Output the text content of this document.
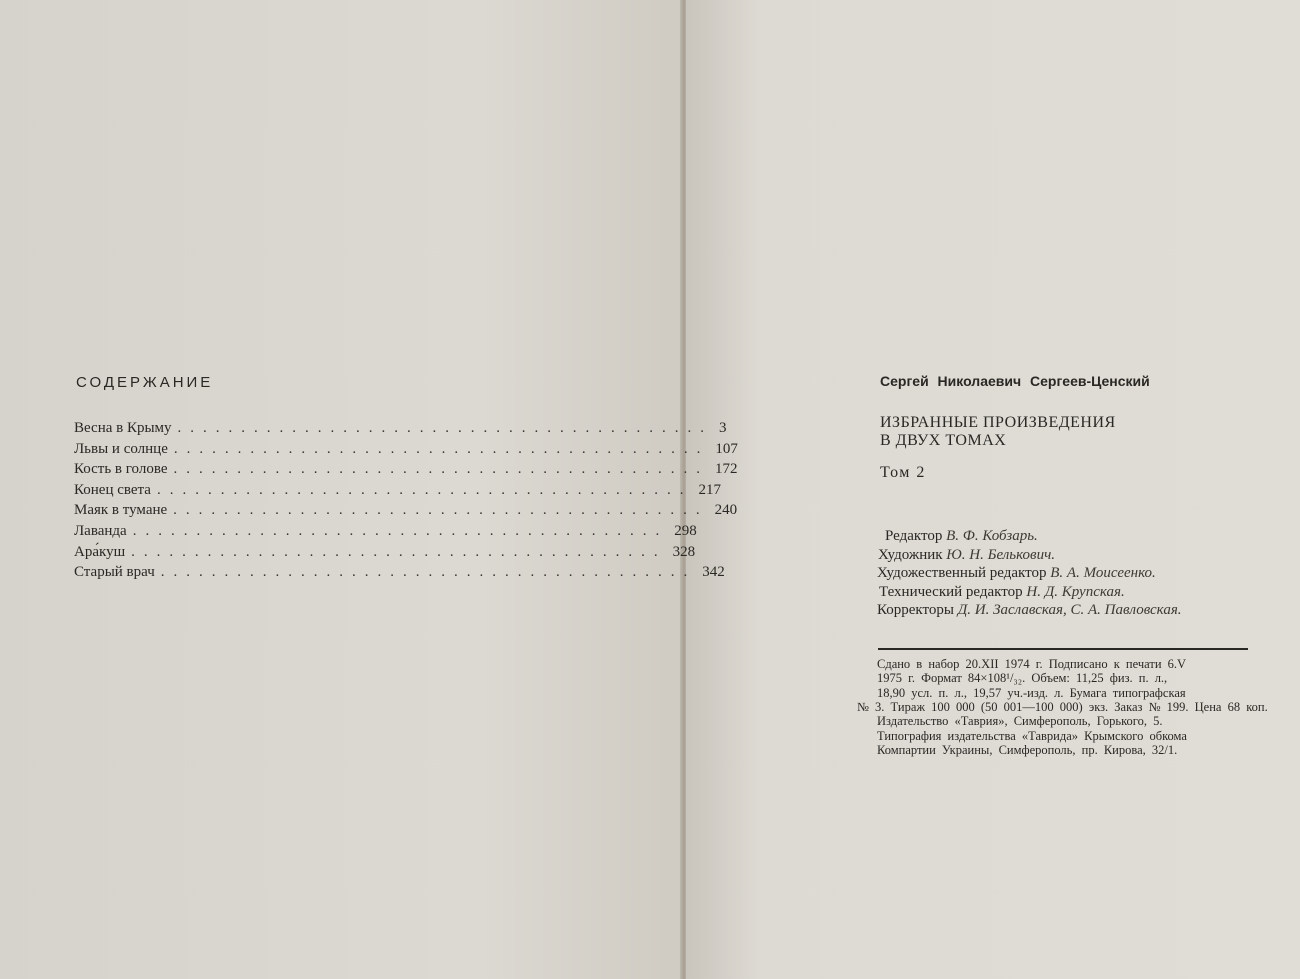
СОДЕРЖАНИЕ
Весна в Крыму .......................................... 3
Львы и солнце .......................................... 107
Кость в голове .......................................... 172
Конец света .......................................... 217
Маяк в тумане .......................................... 240
Лаванда .......................................... 298
Ара́куш .......................................... 328
Старый врач .......................................... 342
Сергей Николаевич Сергеев-Ценский
ИЗБРАННЫЕ ПРОИЗВЕДЕНИЯ
В ДВУХ ТОМАХ
Том 2
Редактор В. Ф. Кобзарь.
Художник Ю. Н. Белькович.
Художественный редактор В. А. Моисеенко.
Технический редактор Н. Д. Крупская.
Корректоры Д. И. Заславская, С. А. Павловская.
Сдано в набор 20.XII 1974 г. Подписано к печати 6.V
1975 г. Формат 84×108¹/₃₂. Объем: 11,25 физ. п. л.,
18,90 усл. п. л., 19,57 уч.-изд. л. Бумага типографская
№ 3. Тираж 100 000 (50 001—100 000) экз. Заказ № 199. Цена 68 коп.
Издательство «Таврия», Симферополь, Горького, 5.
Типография издательства «Таврида» Крымского обкома
Компартии Украины, Симферополь, пр. Кирова, 32/1.
